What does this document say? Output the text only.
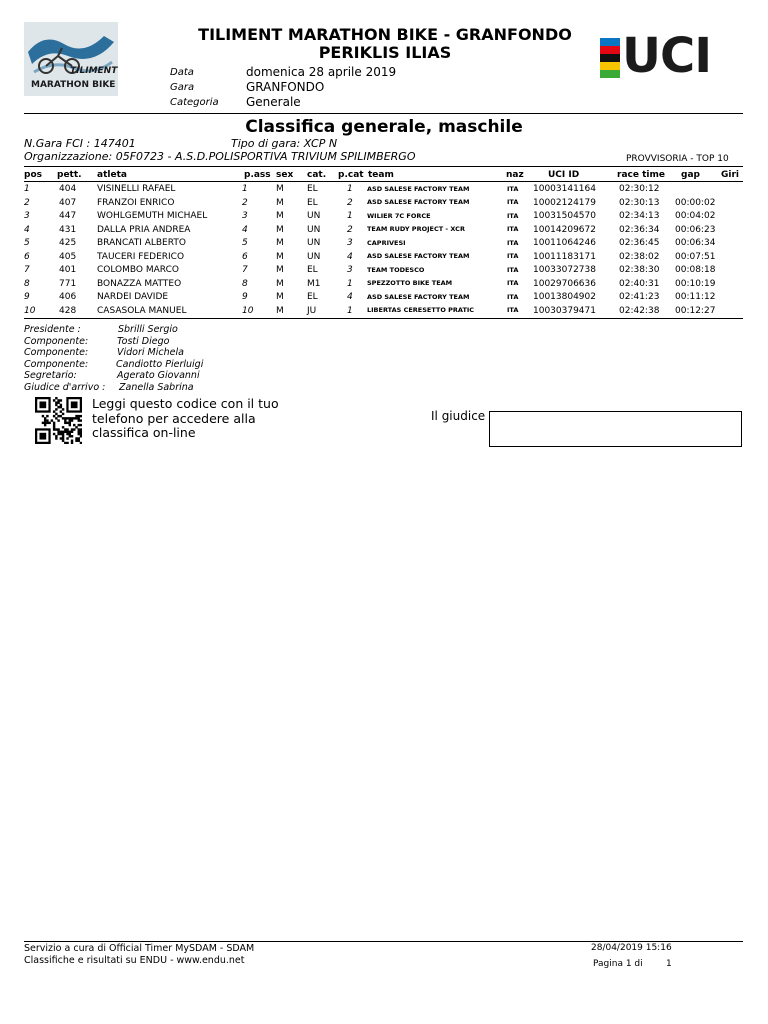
TILIMENT
MARATHON BIKE
TILIMENT MARATHON BIKE - GRANFONDO
PERIKLIS ILIAS
Data	domenica 28 aprile 2019
Gara	GRANFONDO
Categoria Generale
UCI
Classifica generale, maschile
N.Gara FCI : 147401	Tipo di gara: XCP N
Organizzazione: 05F0723 - A.S.D.POLISPORTIVA TRIVIUM SPILIMBERGO	PROVVISORIA - TOP 10
pos pett. atleta	p.ass sex cat. p.cat team	naz	UCI ID	race time gap Giri
1	404 VISINELLI RAFAEL	1	M	EL	1 ASD SALESE FACTORY TEAM	ITA 10003141164	02:30:12
2	407 FRANZOI ENRICO	2	M	EL	2 ASD SALESE FACTORY TEAM	ITA 10002124179	02:30:13 00:00:02
3	447 WOHLGEMUTH MICHAEL	3	M	UN	1 WILIER 7C FORCE	ITA 10031504570	02:34:13 00:04:02
4	431 DALLA PRIA ANDREA	4	M	UN	2 TEAM RUDY PROJECT - XCR	ITA 10014209672	02:36:34 00:06:23
5	425 BRANCATI ALBERTO	5	M	UN	3 CAPRIVESI	ITA 10011064246	02:36:45 00:06:34
6	405 TAUCERI FEDERICO	6	M	UN	4 ASD SALESE FACTORY TEAM	ITA 10011183171	02:38:02 00:07:51
7	401 COLOMBO MARCO	7	M	EL	3 TEAM TODESCO	ITA 10033072738	02:38:30 00:08:18
8	771 BONAZZA MATTEO	8	M	M1	1 SPEZZOTTO BIKE TEAM	ITA 10029706636	02:40:31 00:10:19
9	406 NARDEI DAVIDE	9	M	EL	4 ASD SALESE FACTORY TEAM	ITA 10013804902	02:41:23 00:11:12
10	428 CASASOLA MANUEL	10	M	JU	1 LIBERTAS CERESETTO PRATIC	ITA 10030379471	02:42:38 00:12:27
Presidente :	Sbrilli Sergio
Componente:	Tosti Diego
Componente:	Vidori Michela
Componente:	Candiotto Pierluigi
Segretario:	Agerato Giovanni
Giudice d'arrivo : Zanella Sabrina
Leggi questo codice con il tuo telefono per accedere alla classifica on-line
Il giudice
Servizio a cura di Official Timer MySDAM - SDAM
Classifiche e risultati su ENDU - www.endu.net
28/04/2019 15:16
Pagina 1 di	1
